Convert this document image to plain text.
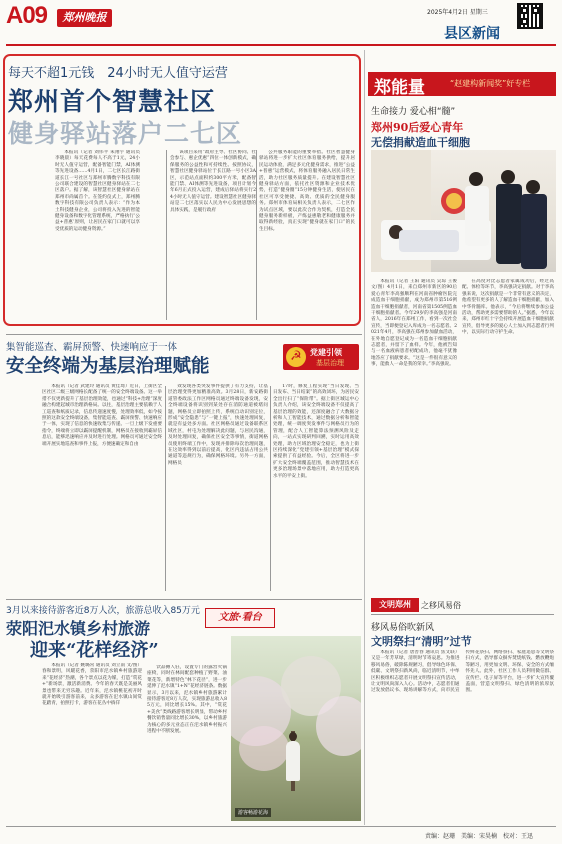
A09	郑州晚报	2025年4月2日 星期三
县区新闻
每天不超1元钱　24小时无人值守运营
郑州首个智慧社区
健身驿站落户二七区
本报讯（记者 刘伟平 朱翔宇 通讯员 李晓晨）每天花费每人不高于1元，24小时无人值守运营，配备智能门禁，AI体测等先进设备……4月1日，二七区长江路街道长江一号社区与郑州市腾数字科技有限公司联合建设的智慧社区健身驿站在二七区落户。据了解，该智慧社区健身驿站在郑州市尚属首个。在签约仪式上，郑州腾数字科技有限公司负责人表示：“作为本土科技健身企业，公司将投入先进的智能健身设备和数字化管理系统，严格执行‘公益+普惠’原则，让居民在家门口就可以享受优质的运动健身资源。”
该项目采用“政府主导、社区协同、社会参与、惠企优惠”四位一体创新模式，确保服务的公益性和可持续性。按照协议，智慧社区健身驿站位于长江路一号小区3A区，示范站点面积约300平方米，配备智能门禁、AI体测等先进设备，项目计划今年6月正式投入运营，建成后驿站将实行24小时无人值守运营。建设智慧社区健身驿站是二七区落实以人民为中心发展思想的具体实践，是履行政府
公共服务职能的重要举措。社区智慧健身驿站将进一步扩大社区体育服务供给，提升居民运动体验，满足多元化健身需求，推进“公益+普惠”运营模式，将体育服务融入居民日常生活，助力社区服务质量提升。在建设智慧社区健身驿站方面，依托社区资源和企业技术优势，打造“健身圈”15分钟健身生活，使居民在社区可享受便捷、高效、优质的全民健身服务。郑州市体育局相关负责人表示，二七区作为试点区域，要以此次合作为契机，打造全民健身服务新样板，产练益惠敬老和健康服务并取得新经验，真正实现“健身就在家门口”的民生目标。
集智能巡查、霸屏预警、快速响应于一体
安全终端为基层治理赋能	☭	党建引领
基层治理
本报讯（记者 武建玲 通讯员 黄佳琦）近日，上街区全区社区二级三级网格长配备了统一的安全终端设备。这一举措不仅更新提升了基层治理效能，也通过“科技+治理”深度融合构建起城市治理新格局。以往，基层治理主要依赖于人工巡查和纸质记录，信息传递速度慢，处理效率低，如今按照的这款安全终端设备，集智能巡查、霸屏预警、快速响应于一体，实现了信息的快速收集与传递。一旦上级下发重要指令，终端将立即以霸屏提醒机制，网格员在接收到霸屏信息后，能够迅速响应并及时进行处理。网格员可通过安全终端开展实地巡查和事件上报，方便速确定和自由
效发现各类突发事件提供了有力支持，让基层治理变得更加精准高效。3月28日，新安路街道管委政法工作区网格员通过终端设备发现，安全终端设备将识别到某处存在消防通道被堵问题，网格员立即拍照上传，系统自动识别定位，形成“安全隐患”与“一键上报”，快速处理回复，就是有益处多方面。社区网格员通过设备联系区域社区，村屯为处理解决此问题，与居民沟通，及时处理回复，确保社区安全等事情，街道网格员使用终端工作中，发现并排除每次治理问题，在这效率得到以前后提高，化区内违法占用公共通道等违规行为，确保网格环境。另外一方面，网格员
17时，修复工程实现“当日发现、当日发布、当日结案”的高效闭环，为居民安全出行扫了“保险带”。据上街区城运中心负责人介绍，该安全终端设备不仅提高了基层治理的效能，还深度融合了大数据分析和人工智能技术，通过数据分析和智能处理，统一调度突发事件与网格员行为的管理，配合人工智能算法预测风险及走向，一站式实现研判回溯，实时运用高效处理，助力区域治理安全稳定，也为上街区持续深化“党建引领+基层治理”模式探索提供了有益经验。今后，全区将进一步扩大安全终端覆盖范围，推动智慧技术在更多治理场景中落地应用，助力打造更高水平的平安上街。
3月以来接待游客近8万人次，旅游总收入85万元
荥阳汜水镇乡村旅游
迎来“花样经济”
文旅·看台
本报讯（记者 姚璐常 通讯员 刘立南 文/图）春和景明，风暖花香，荥阳市汜水镇乡村旅游迎来“花经济”热潮，各个景点以花为媒，打造“赏花+”新场景，激活新消费。今年的春天既是美丽风景也带来无穷乐趣。近年来，汜水镇桃花初开时就开始吸引游客前来，众多游客在汜水镇山间赏花踏青，拍照打卡，游客在花丛中徜徉
饮品摊人驻，设置专门的露营火锅座椅，同时在林间配套种植了野菜、油菜花等，新增特色“林下花径”，进一步延伸了汜水镇“1+N”花经济链条。数据显示，3月以来，汜水镇乡村旅游累计接待游客近8万人次，实现旅游总收入85万元，同比增长15%。其中，“赏花+美食”类线路游客增长明显，带动乡村餐饮销售量同比增长30%，以乡村旅游为核心的多元业态正在汜水镇乡村振兴进程中不断发展。
游客畅游花海
郑能量	“赵建构新闻奖”好专栏
生命接力 爱心相“髓”
郑州90后爱心青年
无偿捐献造血干细胞
本报讯（记者 王阳 通讯员 吴琼 王俊 文/图）4月1日，来自郑州市新区的90后爱心青年李高强顺利在河南省肿瘤医院完成造血干细胞捐献，成为郑州市第516例造血干细胞捐献者，河南省第1505例造血干细胞捐献者。今年29岁的李高强是河南省人，2016年在郑州工作，看到一次社会宣传，当即便登记入库成为一名志愿者。2021年4月，李高强在郑州参加献血活动，在外地自愿登记成为一名造血干细胞捐献志愿者，并留下了血样。今年，他被告知与一名血液病患者初配成功，他毫不犹豫地答应了捐献要求。“这是一件很有意义的事，能救人一命是我的荣幸。”李高强说。
在高度对比志愿者家属成功后，经过高配、体检等环节，李高强决定捐献。对于李高强来说，这次捐献是一个非常有意义的决定，他希望有更多的人了解造血干细胞捐献，加入中华骨髓库。他表示，“今后将继续参加公益活动，帮助更多需要帮助的人。”据悉，今年以来，郑州市红十字会持续开展造血干细胞捐献宣传，倡导更多的爱心人士加入到志愿者行列中，以实际行动守护生命。
文明郑州	之移风易俗
移风易俗吹新风
文明祭扫“清明”过节
本报讯（记者 唐善春 通讯员 焦文联）又是一年芳草绿，清明时节寄哀思。为推进移风易俗，破除陈规陋习，倡导绿色环保、低碳、文明祭扫新风尚，临近清明节，中牟区积极组织志愿者开展文明祭扫宣传活动，让文明风尚深入人心。活动中，志愿者们通过发放倡议书、现场讲解等方式，向市民宣传鲜花祭扫、网络祭扫、家庭追思等文明祭扫方式，倡导群众摒弃焚烧纸钱、燃放鞭炮等陋习，用更加文明、环保、安全的方式缅怀先人。此外，社区工作人员利用微信群、宣传栏、电子屏等平台，进一步扩大宣传覆盖面，营造文明祭扫、绿色清明的浓厚氛围。
责编：赵珊　美编：宋昊楠　校对：王迅
